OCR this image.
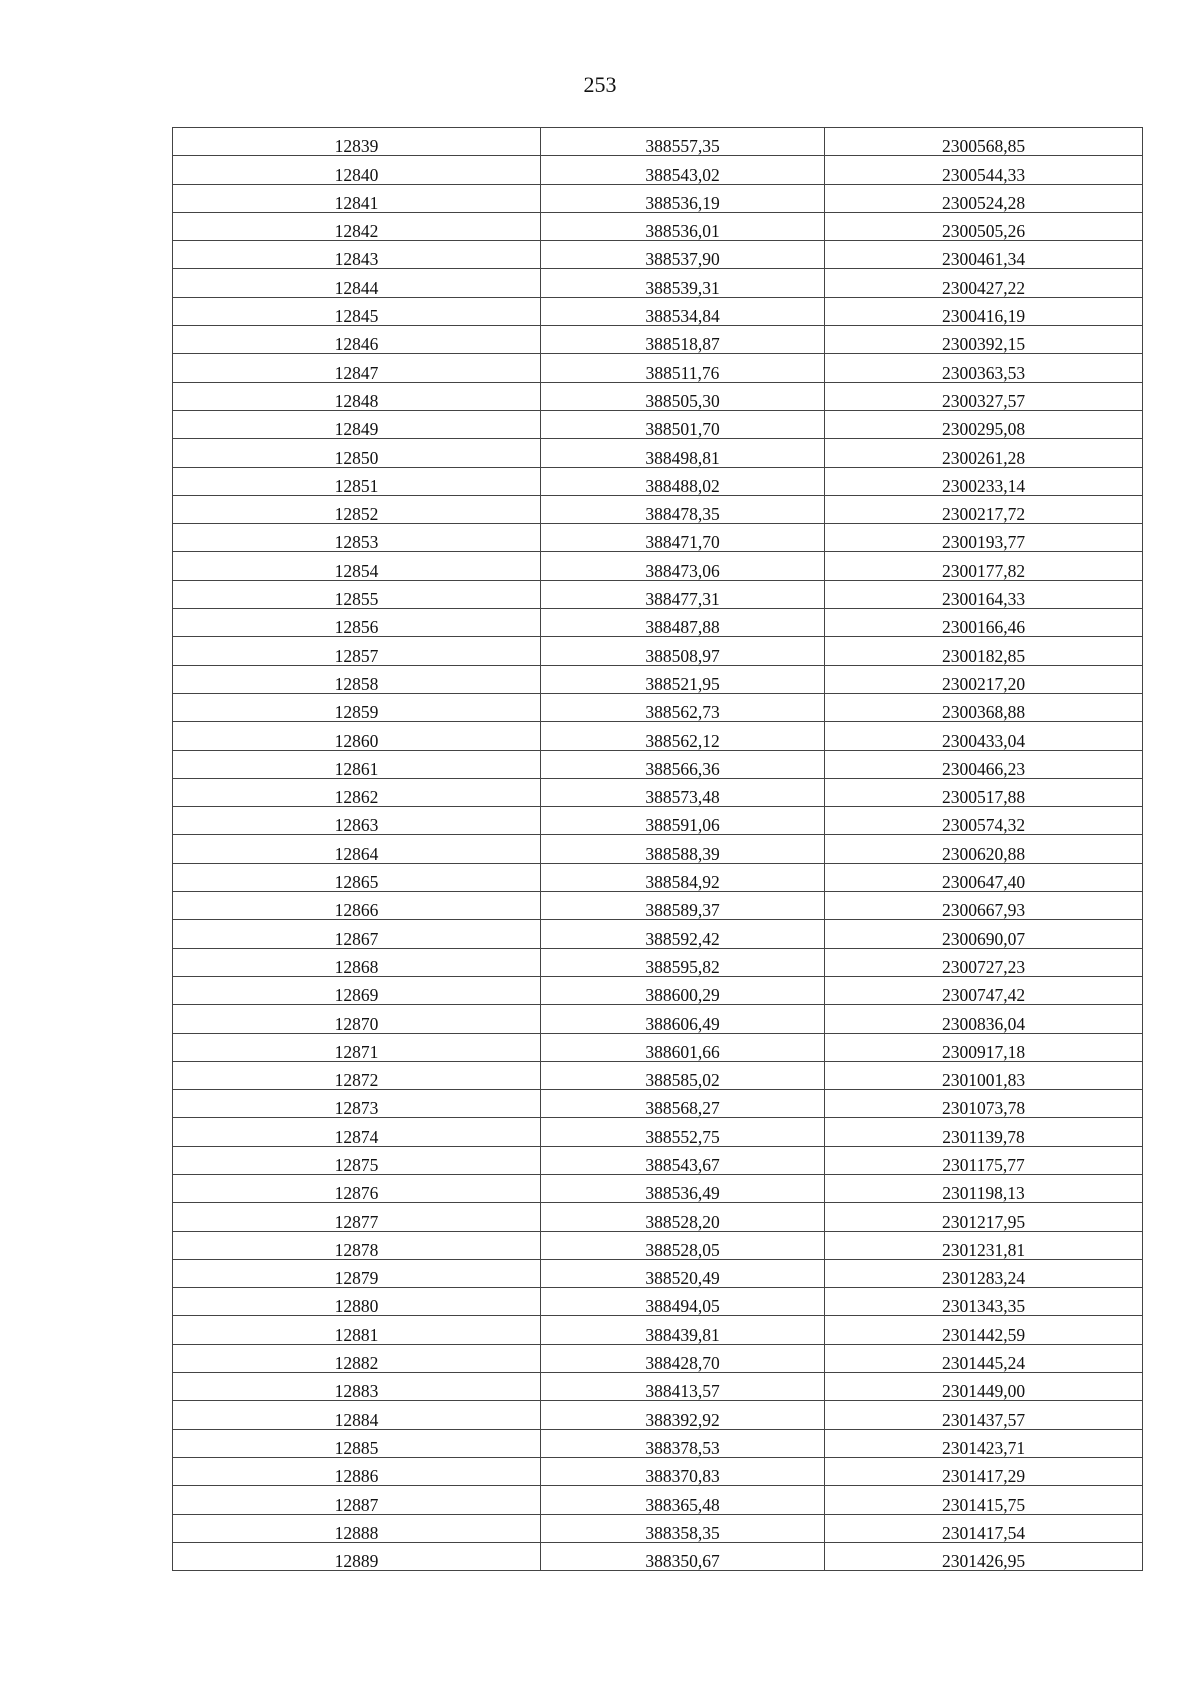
253
12839	388557,35	2300568,85
12840	388543,02	2300544,33
12841	388536,19	2300524,28
12842	388536,01	2300505,26
12843	388537,90	2300461,34
12844	388539,31	2300427,22
12845	388534,84	2300416,19
12846	388518,87	2300392,15
12847	388511,76	2300363,53
12848	388505,30	2300327,57
12849	388501,70	2300295,08
12850	388498,81	2300261,28
12851	388488,02	2300233,14
12852	388478,35	2300217,72
12853	388471,70	2300193,77
12854	388473,06	2300177,82
12855	388477,31	2300164,33
12856	388487,88	2300166,46
12857	388508,97	2300182,85
12858	388521,95	2300217,20
12859	388562,73	2300368,88
12860	388562,12	2300433,04
12861	388566,36	2300466,23
12862	388573,48	2300517,88
12863	388591,06	2300574,32
12864	388588,39	2300620,88
12865	388584,92	2300647,40
12866	388589,37	2300667,93
12867	388592,42	2300690,07
12868	388595,82	2300727,23
12869	388600,29	2300747,42
12870	388606,49	2300836,04
12871	388601,66	2300917,18
12872	388585,02	2301001,83
12873	388568,27	2301073,78
12874	388552,75	2301139,78
12875	388543,67	2301175,77
12876	388536,49	2301198,13
12877	388528,20	2301217,95
12878	388528,05	2301231,81
12879	388520,49	2301283,24
12880	388494,05	2301343,35
12881	388439,81	2301442,59
12882	388428,70	2301445,24
12883	388413,57	2301449,00
12884	388392,92	2301437,57
12885	388378,53	2301423,71
12886	388370,83	2301417,29
12887	388365,48	2301415,75
12888	388358,35	2301417,54
12889	388350,67	2301426,95
